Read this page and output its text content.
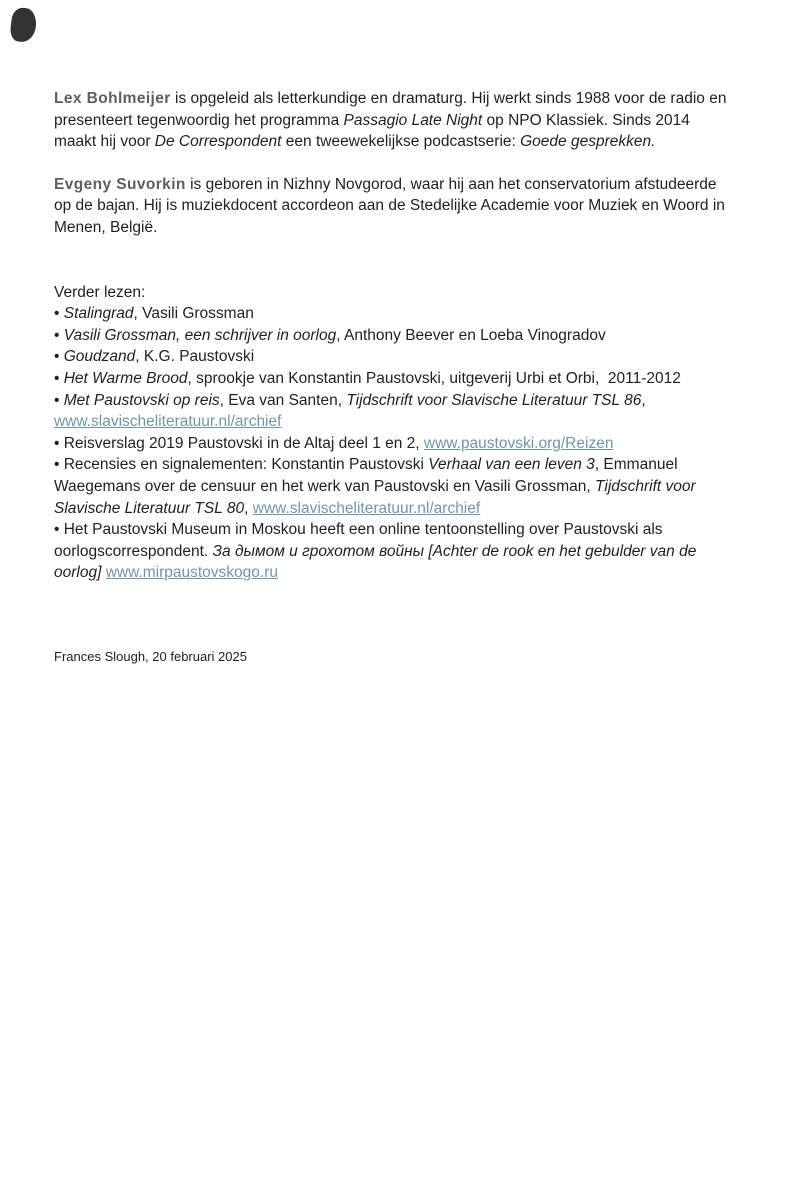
Lex Bohlmeijer is opgeleid als letterkundige en dramaturg. Hij werkt sinds 1988 voor de radio en presenteert tegenwoordig het programma Passagio Late Night op NPO Klassiek. Sinds 2014 maakt hij voor De Correspondent een tweewekelijkse podcastserie: Goede gesprekken.
Evgeny Suvorkin is geboren in Nizhny Novgorod, waar hij aan het conservatorium afstudeerde op de bajan. Hij is muziekdocent accordeon aan de Stedelijke Academie voor Muziek en Woord in Menen, België.
Verder lezen:
• Stalingrad, Vasili Grossman
• Vasili Grossman, een schrijver in oorlog, Anthony Beever en Loeba Vinogradov
• Goudzand, K.G. Paustovski
• Het Warme Brood, sprookje van Konstantin Paustovski, uitgeverij Urbi et Orbi,  2011-2012
• Met Paustovski op reis, Eva van Santen, Tijdschrift voor Slavische Literatuur TSL 86, www.slavischeliteratuur.nl/archief
• Reisverslag 2019 Paustovski in de Altaj deel 1 en 2, www.paustovski.org/Reizen
• Recensies en signalementen: Konstantin Paustovski Verhaal van een leven 3, Emmanuel Waegemans over de censuur en het werk van Paustovski en Vasili Grossman, Tijdschrift voor Slavische Literatuur TSL 80, www.slavischeliteratuur.nl/archief
• Het Paustovski Museum in Moskou heeft een online tentoonstelling over Paustovski als oorlogscorrespondent. За дымом и грохотом войны [Achter de rook en het gebulder van de oorlog] www.mirpaustovskogo.ru
Frances Slough, 20 februari 2025
